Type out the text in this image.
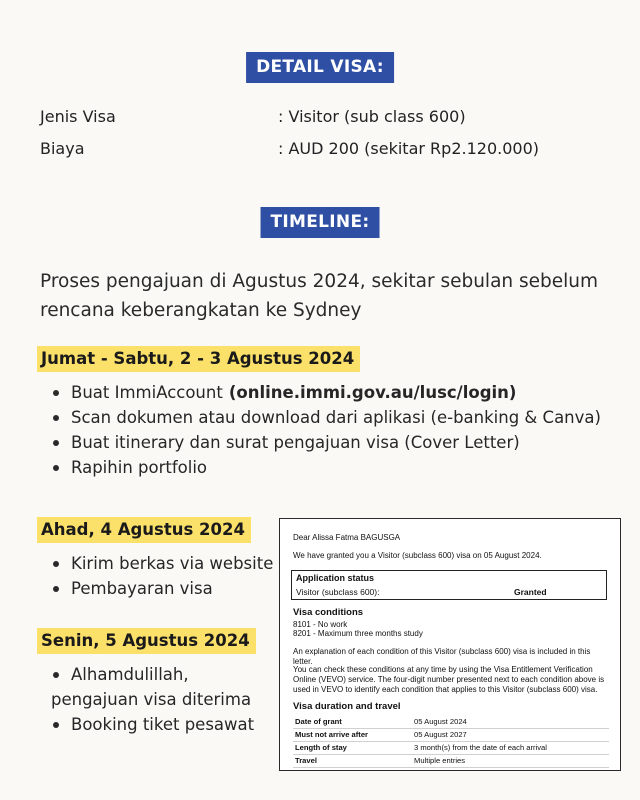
DETAIL VISA:
Jenis Visa	: Visitor (sub class 600)
Biaya	: AUD 200 (sekitar Rp2.120.000)
TIMELINE:
Proses pengajuan di Agustus 2024, sekitar sebulan sebelum rencana keberangkatan ke Sydney
Jumat - Sabtu, 2 - 3 Agustus 2024
Buat ImmiAccount (online.immi.gov.au/lusc/login)
Scan dokumen atau download dari aplikasi (e-banking & Canva)
Buat itinerary dan surat pengajuan visa (Cover Letter)
Rapihin portfolio
Ahad, 4 Agustus 2024
Kirim berkas via website
Pembayaran visa
Senin, 5 Agustus 2024
Alhamdulillah,
pengajuan visa diterima
Booking tiket pesawat
Dear Alissa Fatma BAGUSGA
We have granted you a Visitor (subclass 600) visa on 05 August 2024.
Application status
Visitor (subclass 600):	Granted
Visa conditions
8101 - No work
8201 - Maximum three months study
An explanation of each condition of this Visitor (subclass 600) visa is included in this letter.
You can check these conditions at any time by using the Visa Entitlement Verification Online (VEVO) service. The four-digit number presented next to each condition above is used in VEVO to identify each condition that applies to this Visitor (subclass 600) visa.
Visa duration and travel
Date of grant	05 August 2024
Must not arrive after	05 August 2027
Length of stay	3 month(s) from the date of each arrival
Travel	Multiple entries
